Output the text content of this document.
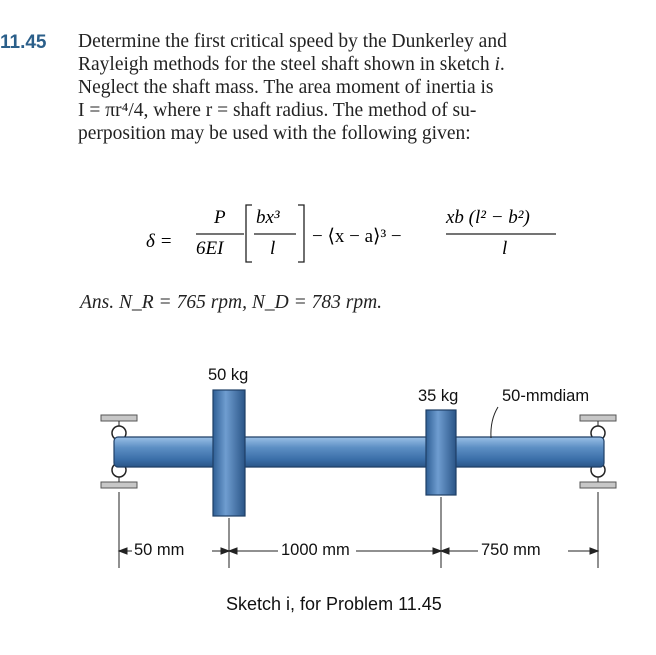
11.45 Determine the first critical speed by the Dunkerley and
Rayleigh methods for the steel shaft shown in sketch i.
Neglect the shaft mass. The area moment of inertia is
I = πr⁴/4, where r = shaft radius. The method of su-
perposition may be used with the following given:
δ =
P
6EI
bx³
l
− ⟨x − a⟩³ −
xb (l² − b²)
l
Ans. N_R = 765 rpm, N_D = 783 rpm.
50 kg
35 kg	50-mmdiam
50 mm	1000 mm	750 mm
Sketch i, for Problem 11.45
